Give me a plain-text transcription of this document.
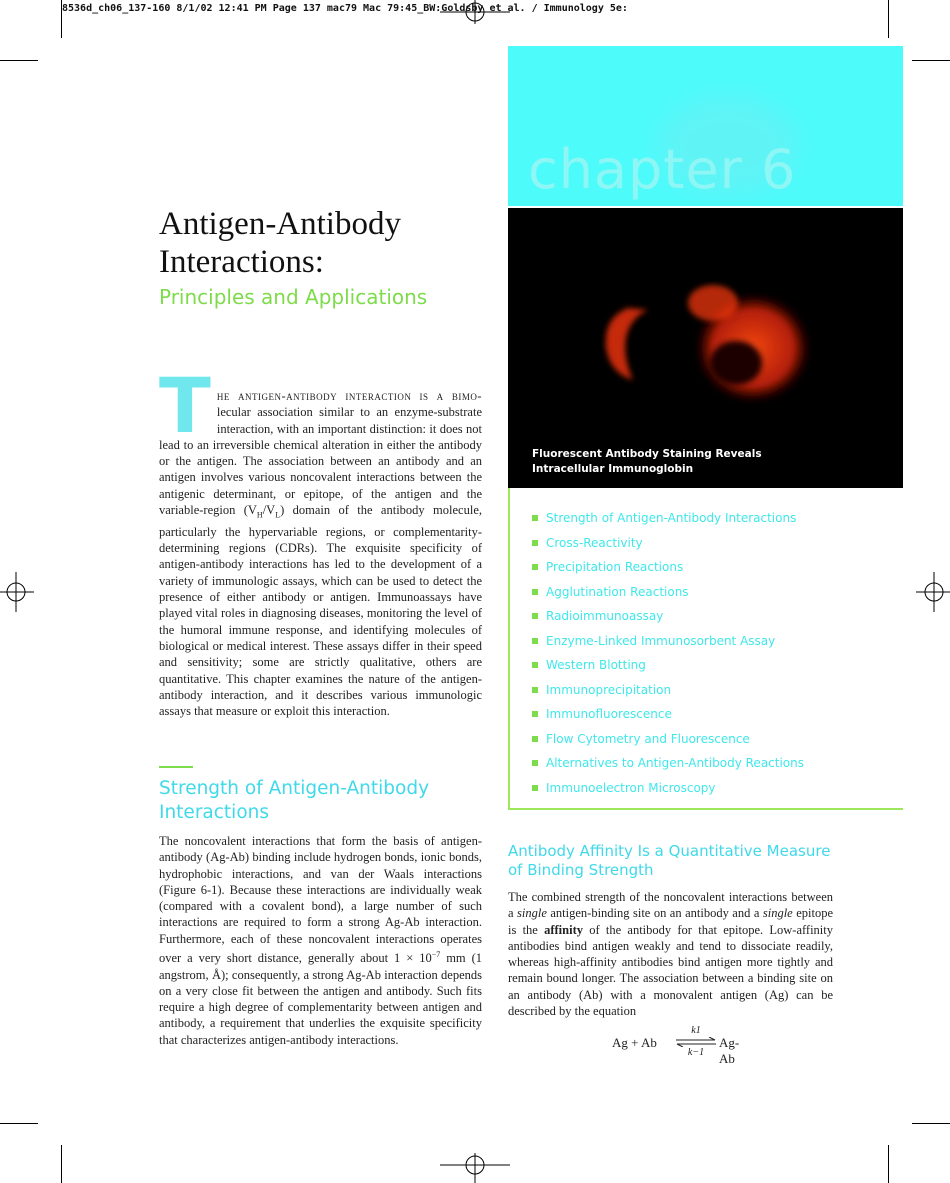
8536d_ch06_137-160 8/1/02 12:41 PM Page 137 mac79 Mac 79:45_BW:Goldsby et al. / Immunology 5e:
chapter 6
Fluorescent Antibody Staining Reveals Intracellular Immunoglobin
Strength of Antigen-Antibody Interactions
Cross-Reactivity
Precipitation Reactions
Agglutination Reactions
Radioimmunoassay
Enzyme-Linked Immunosorbent Assay
Western Blotting
Immunoprecipitation
Immunofluorescence
Flow Cytometry and Fluorescence
Alternatives to Antigen-Antibody Reactions
Immunoelectron Microscopy
Antigen-Antibody
Interactions:
Principles and Applications
T he antigen-antibody interaction is a bimo- lecular association similar to an enzyme-substrate interaction, with an important distinction: it does not lead to an irreversible chemical alteration in either the antibody or the antigen. The association between an antibody and an antigen involves various noncovalent interactions between the antigenic determinant, or epitope, of the antigen and the variable-region $(V_H/V_L)$ domain of the antibody molecule, particularly the hypervariable regions, or complementarity-determining regions (CDRs). The exquisite specificity of antigen-antibody interactions has led to the development of a variety of immunologic assays, which can be used to detect the presence of either antibody or antigen. Immunoassays have played vital roles in diagnosing diseases, monitoring the level of the humoral immune response, and identifying molecules of biological or medical interest. These assays differ in their speed and sensitivity; some are strictly qualitative, others are quantitative. This chapter examines the nature of the antigen-antibody interaction, and it describes various immunologic assays that measure or exploit this interaction.
Strength of Antigen-Antibody Interactions
The noncovalent interactions that form the basis of antigen-antibody (Ag-Ab) binding include hydrogen bonds, ionic bonds, hydrophobic interactions, and van der Waals interactions (Figure 6-1). Because these interactions are individually weak (compared with a covalent bond), a large number of such interactions are required to form a strong Ag-Ab interaction. Furthermore, each of these noncovalent interactions operates over a very short distance, generally about $1 \times 10^{-7}$ mm (1 angstrom, Å); consequently, a strong Ag-Ab interaction depends on a very close fit between the antigen and antibody. Such fits require a high degree of complementarity between antigen and antibody, a requirement that underlies the exquisite specificity that characterizes antigen-antibody interactions.
Antibody Affinity Is a Quantitative Measure of Binding Strength
The combined strength of the noncovalent interactions between a single antigen-binding site on an antibody and a single epitope is the affinity of the antibody for that epitope. Low-affinity antibodies bind antigen weakly and tend to dissociate readily, whereas high-affinity antibodies bind antigen more tightly and remain bound longer. The association between a binding site on an antibody (Ab) with a monovalent antigen (Ag) can be described by the equation
Ag + Ab
k1
k−1
Ag-Ab
